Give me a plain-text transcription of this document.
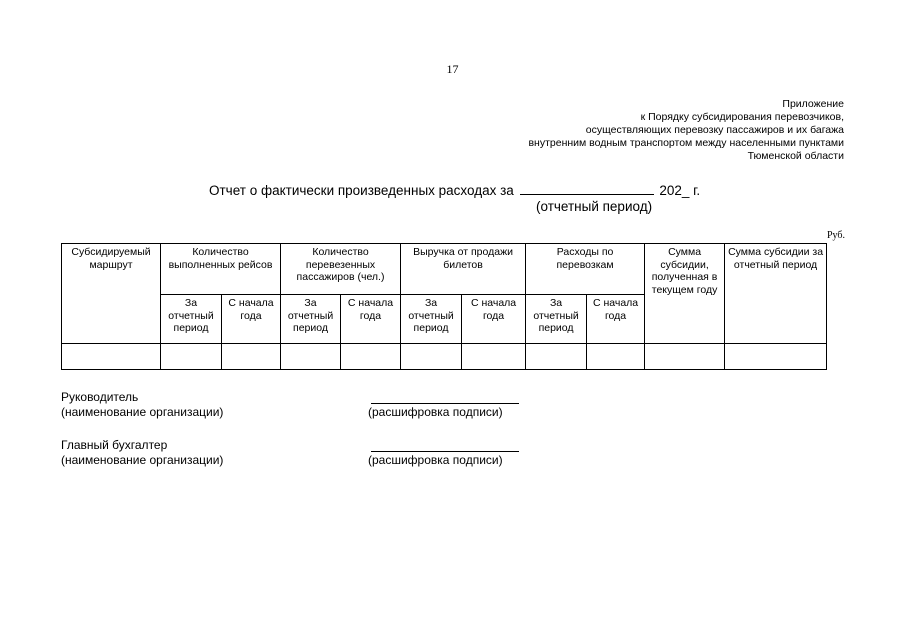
17
Приложение
к Порядку субсидирования перевозчиков,
осуществляющих перевозку пассажиров и их багажа
внутренним водным транспортом между населенными пунктами
Тюменской области
Отчет о фактически произведенных расходах за	202_ г.
(отчетный период)
Руб.
Субсидируемый маршрут	Количество выполненных рейсов		Количество перевезенных пассажиров (чел.)		Выручка от продажи билетов		Расходы по перевозкам		Сумма субсидии, полученная в текущем году	Сумма субсидии за отчетный период
	За отчетный период	С начала года	За отчетный период	С начала года	За отчетный период	С начала года	За отчетный период	С начала года		

Руководитель
(наименование организации)	(расшифровка подписи)
Главный бухгалтер
(наименование организации)	(расшифровка подписи)
